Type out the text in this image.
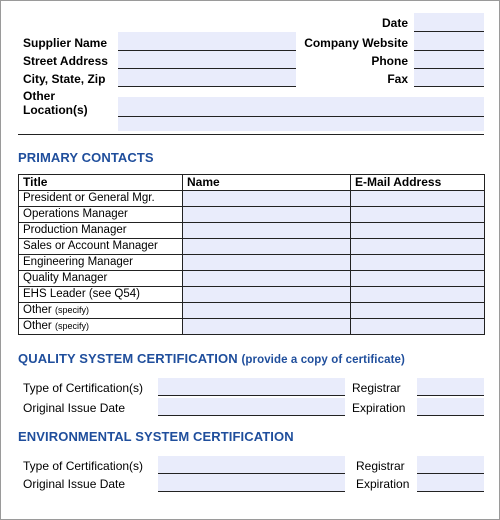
Date
Supplier Name	Company Website
Street Address	Phone
City, State, Zip	Fax
Other
Location(s)
PRIMARY CONTACTS
Title	Name	E-Mail Address
President or General Mgr.		
Operations Manager		
Production Manager		
Sales or Account Manager		
Engineering Manager		
Quality Manager		
EHS Leader (see Q54)		
Other (specify)		
Other (specify)		
QUALITY SYSTEM CERTIFICATION (provide a copy of certificate)
Type of Certification(s)	Registrar
Original Issue Date	Expiration
ENVIRONMENTAL SYSTEM CERTIFICATION
Type of Certification(s)	Registrar
Original Issue Date	Expiration
